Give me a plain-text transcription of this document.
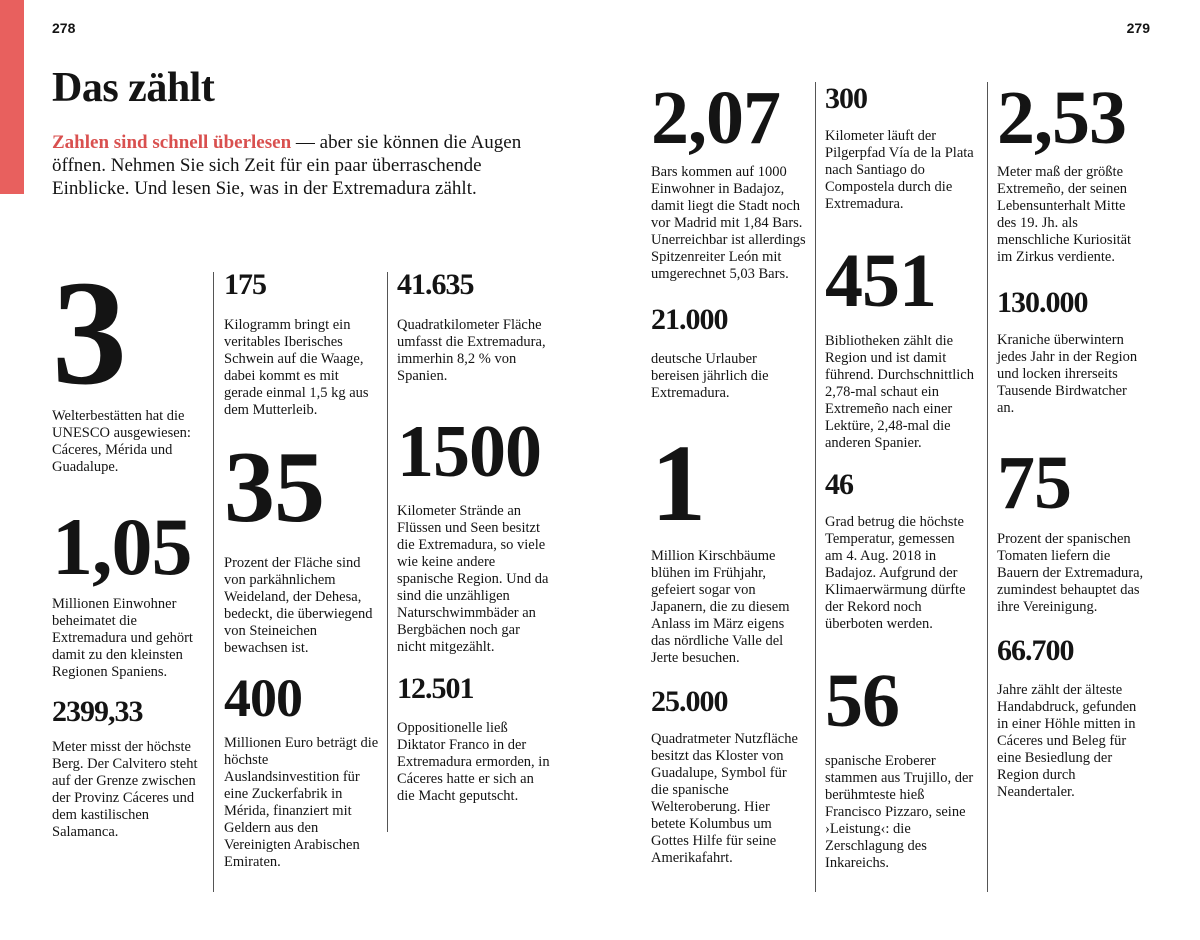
278	279
Das zählt
Zahlen sind schnell überlesen — aber sie können die Augen öffnen. Nehmen Sie sich Zeit für ein paar überraschende Einblicke. Und lesen Sie, was in der Extremadura zählt.
3

Welterbestätten hat die UNESCO ausgewiesen: Cáceres, Mérida und Guadalupe.

1,05

Millionen Einwohner beheimatet die Extremadura und gehört damit zu den kleinsten Regionen Spaniens.

2399,33

Meter misst der höchste Berg. Der Calvitero steht auf der Grenze zwischen der Provinz Cáceres und dem kastilischen Salamanca.

175

Kilogramm bringt ein veritables Iberisches Schwein auf die Waage, dabei kommt es mit gerade einmal 1,5 kg aus dem Mutterleib.

35

Prozent der Fläche sind von parkähnlichem Weideland, der Dehesa, bedeckt, die überwiegend von Steineichen bewachsen ist.

400

Millionen Euro beträgt die höchste Auslandsinvestition für eine Zuckerfabrik in Mérida, finanziert mit Geldern aus den Vereinigten Arabischen Emiraten.

41.635

Quadratkilometer Fläche umfasst die Extremadura, immerhin 8,2 % von Spanien.

1500

Kilometer Strände an Flüssen und Seen besitzt die Extremadura, so viele wie keine andere spanische Region. Und da sind die unzähligen Naturschwimmbäder an Bergbächen noch gar nicht mitgezählt.

12.501

Oppositionelle ließ Diktator Franco in der Extremadura ermorden, in Cáceres hatte er sich an die Macht geputscht.

2,07

Bars kommen auf 1000 Einwohner in Badajoz, damit liegt die Stadt noch vor Madrid mit 1,84 Bars. Unerreichbar ist allerdings Spitzenreiter León mit umgerechnet 5,03 Bars.

21.000

deutsche Urlauber bereisen jährlich die Extremadura.

1

Million Kirschbäume blühen im Frühjahr, gefeiert sogar von Japanern, die zu diesem Anlass im März eigens das nördliche Valle del Jerte besuchen.

25.000

Quadratmeter Nutzfläche besitzt das Kloster von Guadalupe, Symbol für die spanische Welteroberung. Hier betete Kolumbus um Gottes Hilfe für seine Amerikafahrt.

300

Kilometer läuft der Pilgerpfad Vía de la Plata nach Santiago do Compostela durch die Extremadura.

451

Bibliotheken zählt die Region und ist damit führend. Durchschnittlich 2,78-mal schaut ein Extremeño nach einer Lektüre, 2,48-mal die anderen Spanier.

46

Grad betrug die höchste Temperatur, gemessen am 4. Aug. 2018 in Badajoz. Aufgrund der Klimaerwärmung dürfte der Rekord noch überboten werden.

56

spanische Eroberer stammen aus Trujillo, der berühmteste hieß Francisco Pizzaro, seine ›Leistung‹: die Zerschlagung des Inkareichs.

2,53

Meter maß der größte Extremeño, der seinen Lebensunterhalt Mitte des 19. Jh. als menschliche Kuriosität im Zirkus verdiente.

130.000

Kraniche überwintern jedes Jahr in der Region und locken ihrerseits Tausende Birdwatcher an.

75

Prozent der spanischen Tomaten liefern die Bauern der Extremadura, zumindest behauptet das ihre Vereinigung.

66.700

Jahre zählt der älteste Handabdruck, gefunden in einer Höhle mitten in Cáceres und Beleg für eine Besiedlung der Region durch Neandertaler.
